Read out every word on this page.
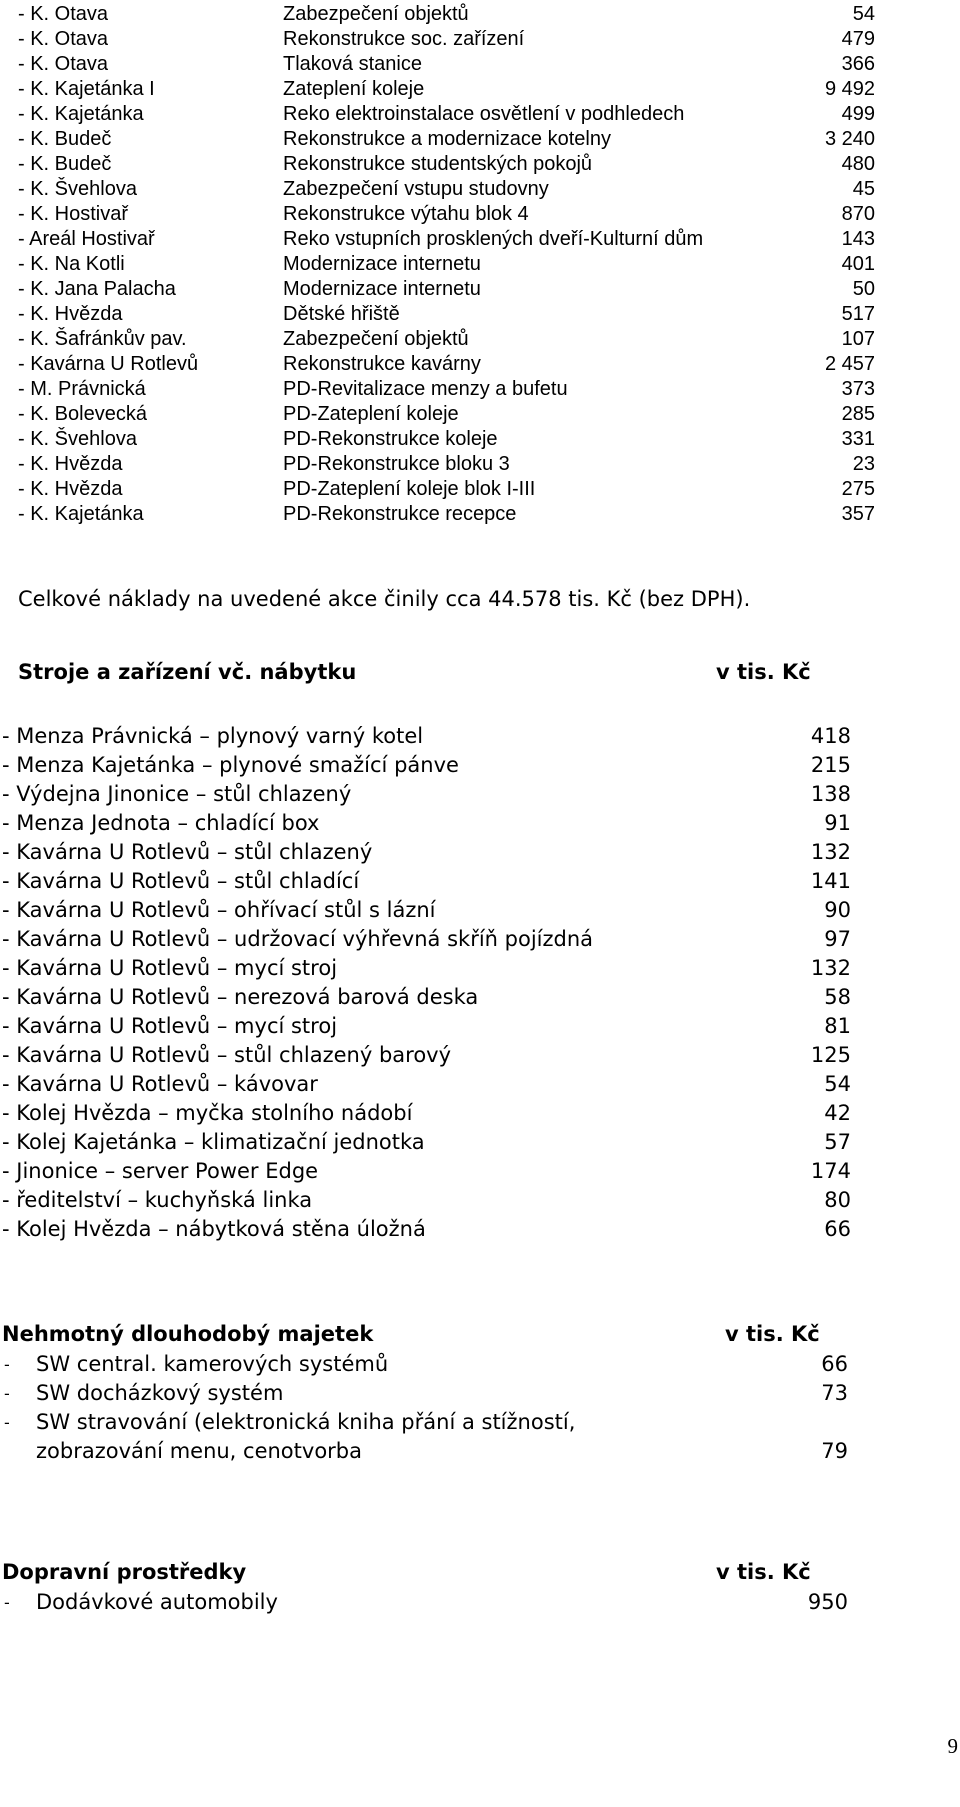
- K. Otava	Zabezpečení objektů	54
- K. Otava	Rekonstrukce soc. zařízení	479
- K. Otava	Tlaková stanice	366
- K. Kajetánka I	Zateplení koleje	9 492
- K. Kajetánka	Reko elektroinstalace osvětlení v podhledech	499
- K. Budeč	Rekonstrukce a modernizace kotelny	3 240
- K. Budeč	Rekonstrukce studentských pokojů	480
- K. Švehlova	Zabezpečení vstupu studovny	45
- K. Hostivař	Rekonstrukce výtahu blok 4	870
- Areál Hostivař	Reko vstupních prosklených dveří-Kulturní dům	143
- K. Na Kotli	Modernizace internetu	401
- K. Jana Palacha	Modernizace internetu	50
- K. Hvězda	Dětské hřiště	517
- K. Šafránkův pav.	Zabezpečení objektů	107
- Kavárna U Rotlevů	Rekonstrukce kavárny	2 457
- M. Právnická	PD-Revitalizace menzy a bufetu	373
- K. Bolevecká	PD-Zateplení koleje	285
- K. Švehlova	PD-Rekonstrukce koleje	331
- K. Hvězda	PD-Rekonstrukce bloku 3	23
- K. Hvězda	PD-Zateplení koleje blok I-III	275
- K. Kajetánka	PD-Rekonstrukce recepce	357
Celkové náklady na uvedené akce činily cca 44.578 tis. Kč (bez DPH).
Stroje a zařízení vč. nábytku	v tis. Kč
- Menza Právnická – plynový varný kotel	418
- Menza Kajetánka – plynové smažící pánve	215
- Výdejna Jinonice – stůl chlazený	138
- Menza Jednota – chladící box	91
- Kavárna U Rotlevů – stůl chlazený	132
- Kavárna U Rotlevů – stůl chladící	141
- Kavárna U Rotlevů – ohřívací stůl s lázní	90
- Kavárna U Rotlevů – udržovací výhřevná skříň pojízdná	97
- Kavárna U Rotlevů – mycí stroj	132
- Kavárna U Rotlevů – nerezová barová deska	58
- Kavárna U Rotlevů – mycí stroj	81
- Kavárna U Rotlevů – stůl chlazený barový	125
- Kavárna U Rotlevů – kávovar	54
- Kolej Hvězda – myčka stolního nádobí	42
- Kolej Kajetánka – klimatizační jednotka	57
- Jinonice – server Power Edge	174
- ředitelství – kuchyňská linka	80
- Kolej Hvězda – nábytková stěna úložná	66
Nehmotný dlouhodobý majetek	v tis. Kč
- SW central. kamerových systémů	66
- SW docházkový systém	73
- SW stravování (elektronická kniha přání a stížností,
zobrazování menu, cenotvorba	79
Dopravní prostředky	v tis. Kč
- Dodávkové automobily	950
9
